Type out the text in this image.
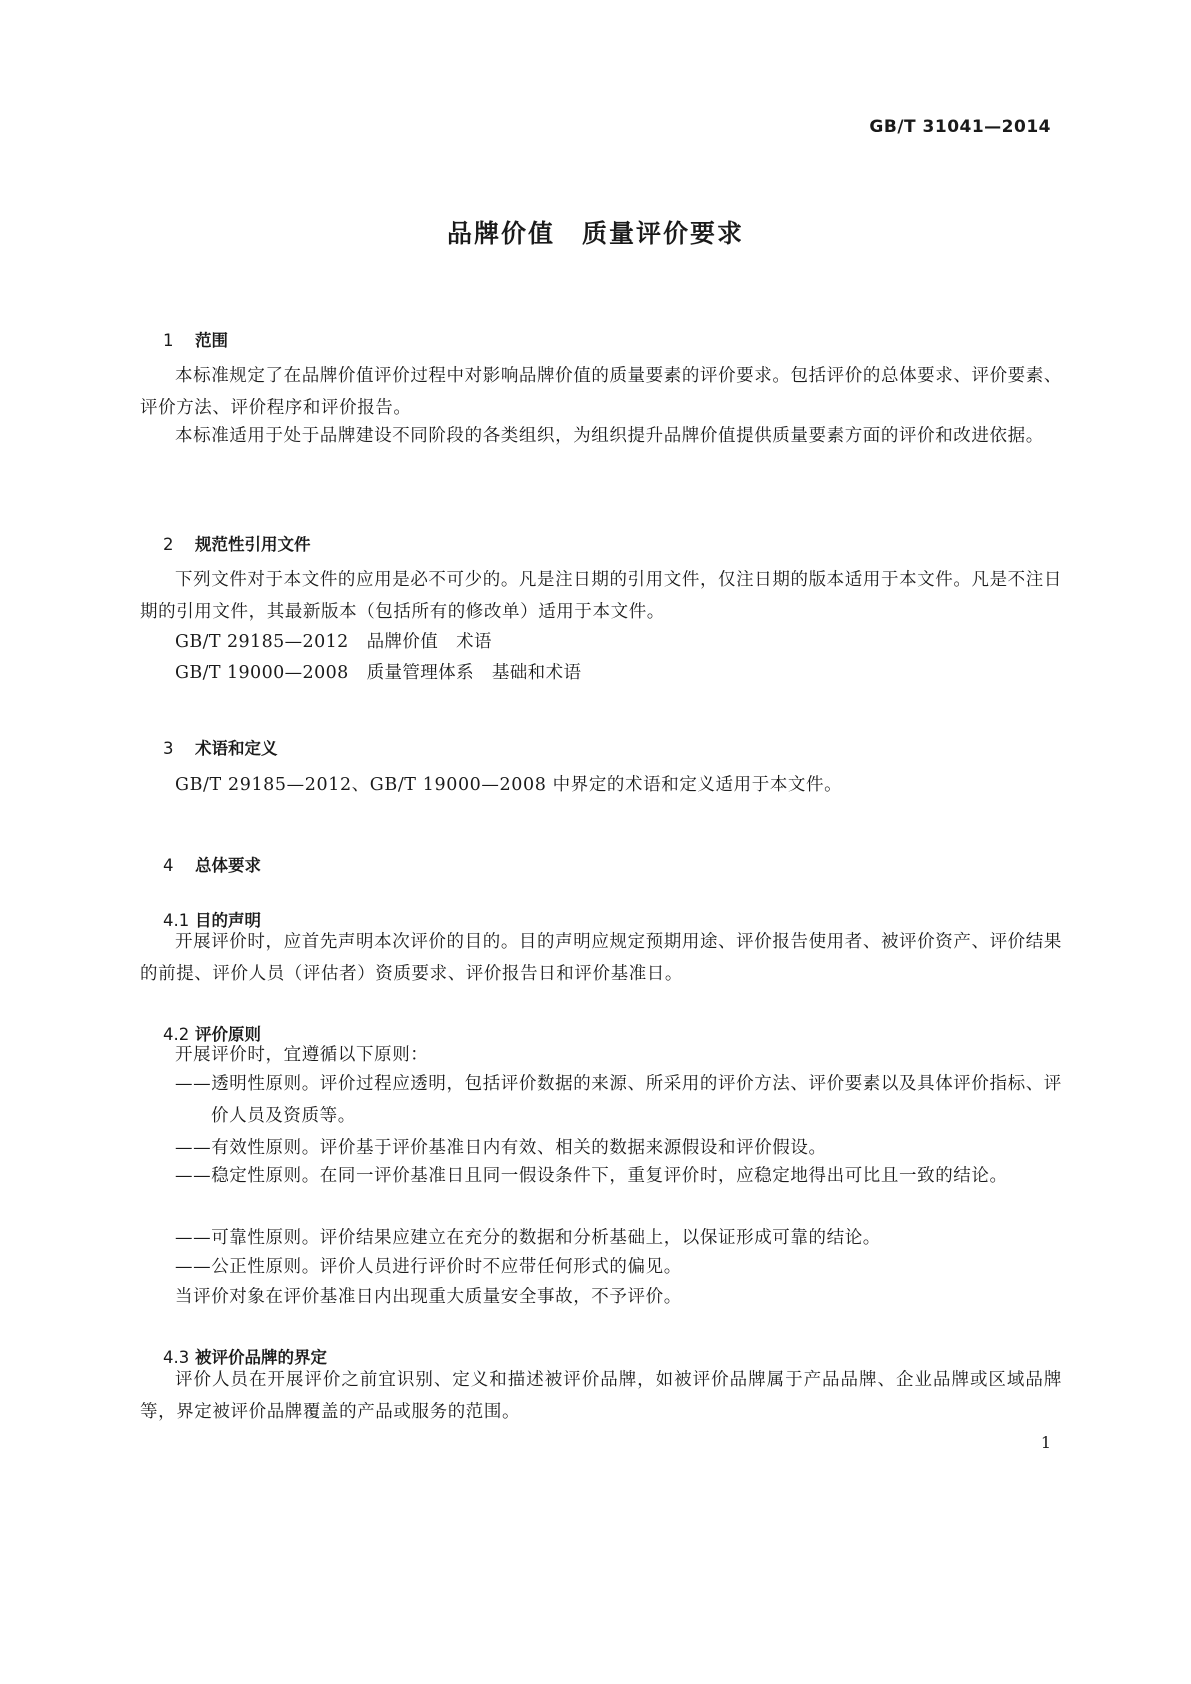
GB/T 31041—2014
品牌价值　质量评价要求

1 范围

本标准规定了在品牌价值评价过程中对影响品牌价值的质量要素的评价要求。包括评价的总体要求、评价要素、评价方法、评价程序和评价报告。
本标准适用于处于品牌建设不同阶段的各类组织，为组织提升品牌价值提供质量要素方面的评价和改进依据。

2 规范性引用文件

下列文件对于本文件的应用是必不可少的。凡是注日期的引用文件，仅注日期的版本适用于本文件。凡是不注日期的引用文件，其最新版本（包括所有的修改单）适用于本文件。
GB/T 29185—2012　品牌价值　术语
GB/T 19000—2008　质量管理体系　基础和术语

3 术语和定义

GB/T 29185—2012、GB/T 19000—2008 中界定的术语和定义适用于本文件。

4 总体要求

4.1 目的声明

开展评价时，应首先声明本次评价的目的。目的声明应规定预期用途、评价报告使用者、被评价资产、评价结果的前提、评价人员（评估者）资质要求、评价报告日和评价基准日。

4.2 评价原则

开展评价时，宜遵循以下原则：
——透明性原则。评价过程应透明，包括评价数据的来源、所采用的评价方法、评价要素以及具体评价指标、评价人员及资质等。
——有效性原则。评价基于评价基准日内有效、相关的数据来源假设和评价假设。
——稳定性原则。在同一评价基准日且同一假设条件下，重复评价时，应稳定地得出可比且一致的结论。
——可靠性原则。评价结果应建立在充分的数据和分析基础上，以保证形成可靠的结论。
——公正性原则。评价人员进行评价时不应带任何形式的偏见。
当评价对象在评价基准日内出现重大质量安全事故，不予评价。

4.3 被评价品牌的界定

评价人员在开展评价之前宜识别、定义和描述被评价品牌，如被评价品牌属于产品品牌、企业品牌或区域品牌等，界定被评价品牌覆盖的产品或服务的范围。
1
